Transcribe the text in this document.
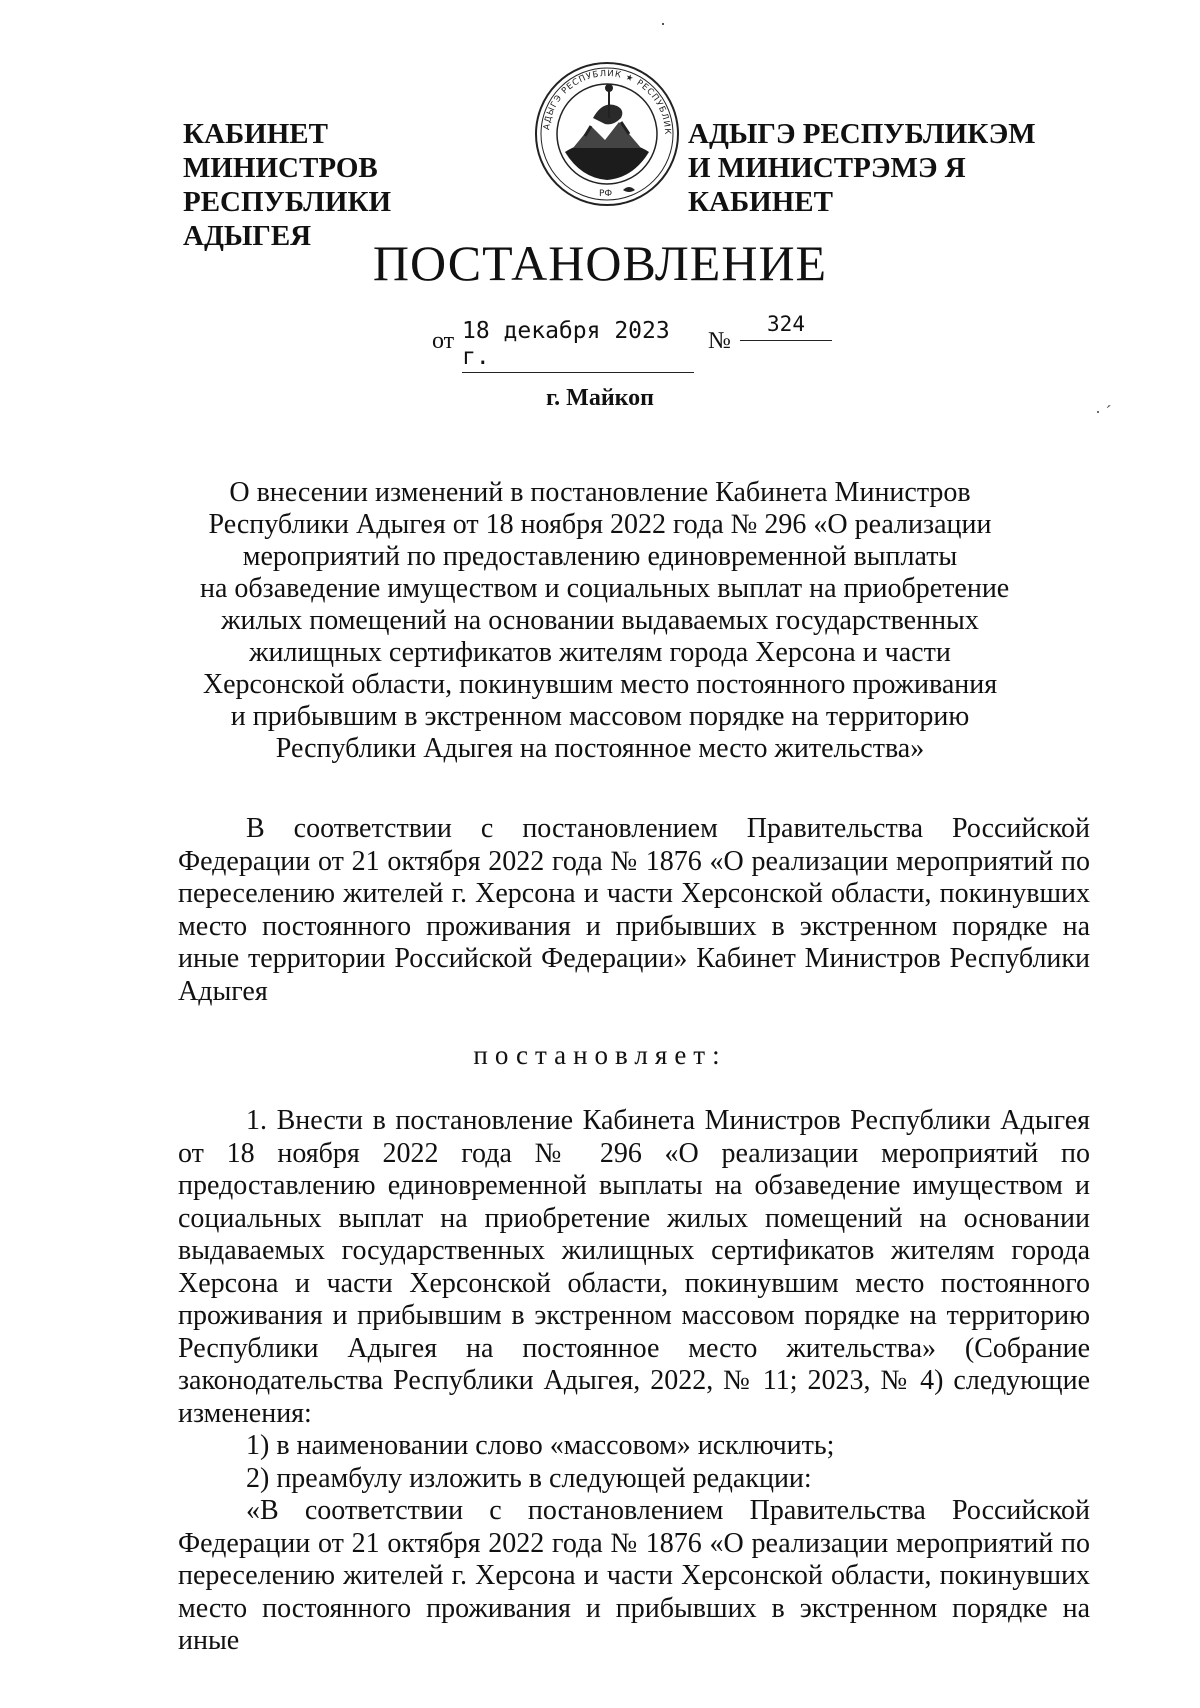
·
· ˊ
КАБИНЕТ МИНИСТРОВ
РЕСПУБЛИКИ АДЫГЕЯ
АДЫГЭ РЕСПУБЛИК ★ РЕСПУБЛИК
РФ
АДЫГЭ РЕСПУБЛИКЭМ
И МИНИСТРЭМЭ Я КАБИНЕТ
ПОСТАНОВЛЕНИЕ
от 18 декабря 2023 г.
№
324
г. Майкоп
О внесении изменений в постановление Кабинета Министров
Республики Адыгея от 18 ноября 2022 года № 296 «О реализации
мероприятий по предоставлению единовременной выплаты
на обзаведение имуществом и социальных выплат на приобретение
жилых помещений на основании выдаваемых государственных
жилищных сертификатов жителям города Херсона и части
Херсонской области, покинувшим место постоянного проживания
и прибывшим в экстренном массовом порядке на территорию
Республики Адыгея на постоянное место жительства»
В соответствии с постановлением Правительства Российской Федерации от 21 октября 2022 года № 1876 «О реализации мероприятий по переселению жителей г. Херсона и части Херсонской области, покинувших место постоянного проживания и прибывших в экстренном порядке на иные территории Российской Федерации» Кабинет Министров Республики Адыгея
постановляет:

1. Внести в постановление Кабинета Министров Республики Адыгея от 18 ноября 2022 года № 296 «О реализации мероприятий по предоставлению единовременной выплаты на обзаведение имуществом и социальных выплат на приобретение жилых помещений на основании выдаваемых государственных жилищных сертификатов жителям города Херсона и части Херсонской области, покинувшим место постоянного проживания и прибывшим в экстренном массовом порядке на территорию Республики Адыгея на постоянное место жительства» (Собрание законодательства Республики Адыгея, 2022, № 11; 2023, № 4) следующие изменения:

1) в наименовании слово «массовом» исключить;

2) преамбулу изложить в следующей редакции:

«В соответствии с постановлением Правительства Российской Федерации от 21 октября 2022 года № 1876 «О реализации мероприятий по переселению жителей г. Херсона и части Херсонской области, покинувших место постоянного проживания и прибывших в экстренном порядке на иные
